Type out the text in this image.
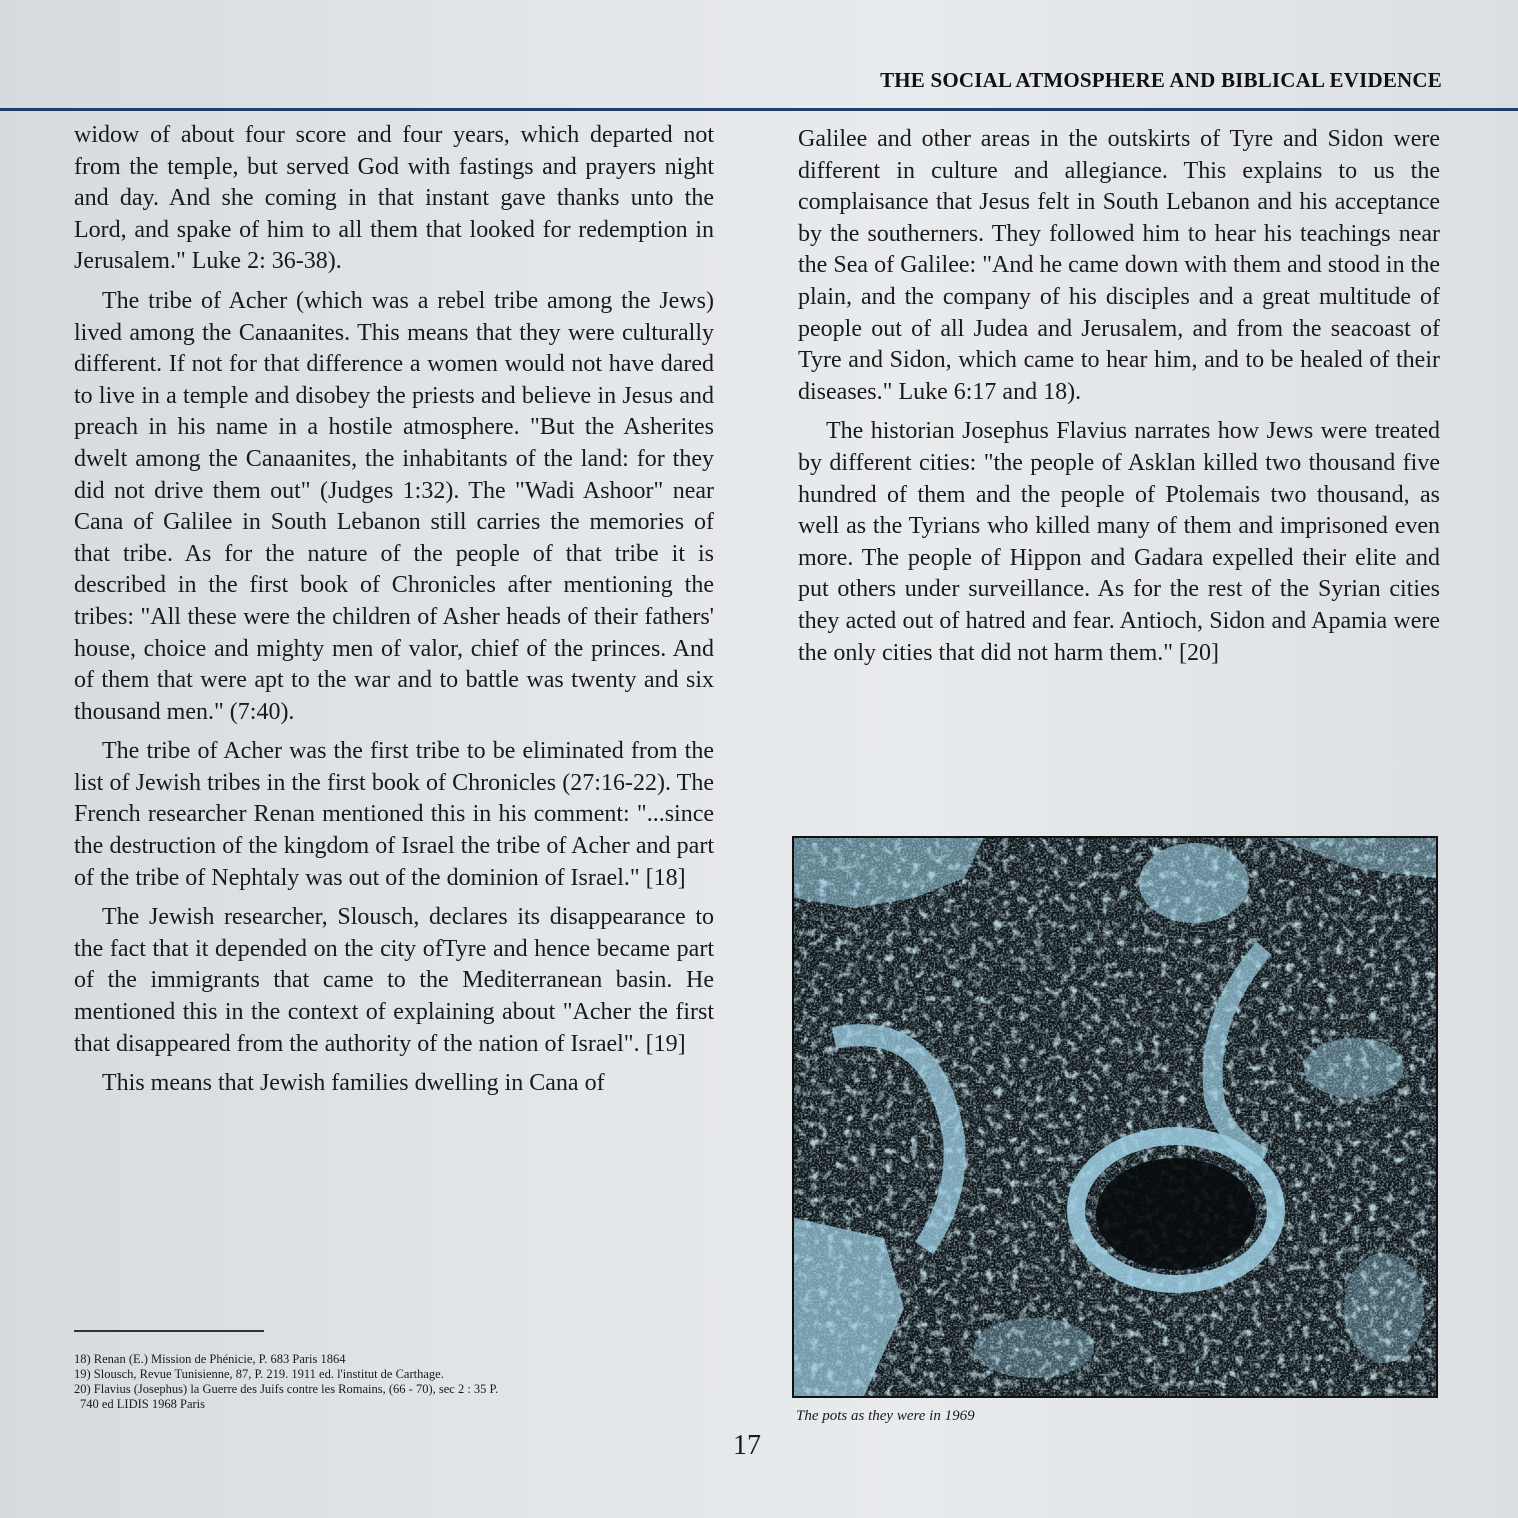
THE SOCIAL ATMOSPHERE AND BIBLICAL EVIDENCE

widow of about four score and four years, which departed not from the temple, but served God with fastings and prayers night and day. And she coming in that instant gave thanks unto the Lord, and spake of him to all them that looked for redemption in Jerusalem." Luke 2: 36-38).

The tribe of Acher (which was a rebel tribe among the Jews) lived among the Canaanites. This means that they were culturally different. If not for that difference a women would not have dared to live in a temple and disobey the priests and believe in Jesus and preach in his name in a hostile atmosphere. "But the Asherites dwelt among the Canaanites, the inhabitants of the land: for they did not drive them out" (Judges 1:32). The "Wadi Ashoor" near Cana of Galilee in South Lebanon still carries the memories of that tribe. As for the nature of the people of that tribe it is described in the first book of Chronicles after mentioning the tribes: "All these were the children of Asher heads of their fathers' house, choice and mighty men of valor, chief of the princes. And of them that were apt to the war and to battle was twenty and six thousand men." (7:40).

The tribe of Acher was the first tribe to be eliminated from the list of Jewish tribes in the first book of Chronicles (27:16-22). The French researcher Renan mentioned this in his comment: "...since the destruction of the kingdom of Israel the tribe of Acher and part of the tribe of Nephtaly was out of the dominion of Israel." [18]

The Jewish researcher, Slousch, declares its disappearance to the fact that it depended on the city ofTyre and hence became part of the immigrants that came to the Mediterranean basin. He mentioned this in the context of explaining about "Acher the first that disappeared from the authority of the nation of Israel". [19]

This means that Jewish families dwelling in Cana of

18) Renan (E.) Mission de Phénicie, P. 683 Paris 1864
19) Slousch, Revue Tunisienne, 87, P. 219. 1911 ed. l'institut de Carthage.
20) Flavius (Josephus) la Guerre des Juifs contre les Romains, (66 - 70), sec 2 : 35 P.
740 ed LIDIS 1968 Paris

Galilee and other areas in the outskirts of Tyre and Sidon were different in culture and allegiance. This explains to us the complaisance that Jesus felt in South Lebanon and his acceptance by the southerners. They followed him to hear his teachings near the Sea of Galilee: "And he came down with them and stood in the plain, and the company of his disciples and a great multitude of people out of all Judea and Jerusalem, and from the seacoast of Tyre and Sidon, which came to hear him, and to be healed of their diseases." Luke 6:17 and 18).

The historian Josephus Flavius narrates how Jews were treated by different cities: "the people of Asklan killed two thousand five hundred of them and the people of Ptolemais two thousand, as well as the Tyrians who killed many of them and imprisoned even more. The people of Hippon and Gadara expelled their elite and put others under surveillance. As for the rest of the Syrian cities they acted out of hatred and fear. Antioch, Sidon and Apamia were the only cities that did not harm them." [20]

The pots as they were in 1969
17
